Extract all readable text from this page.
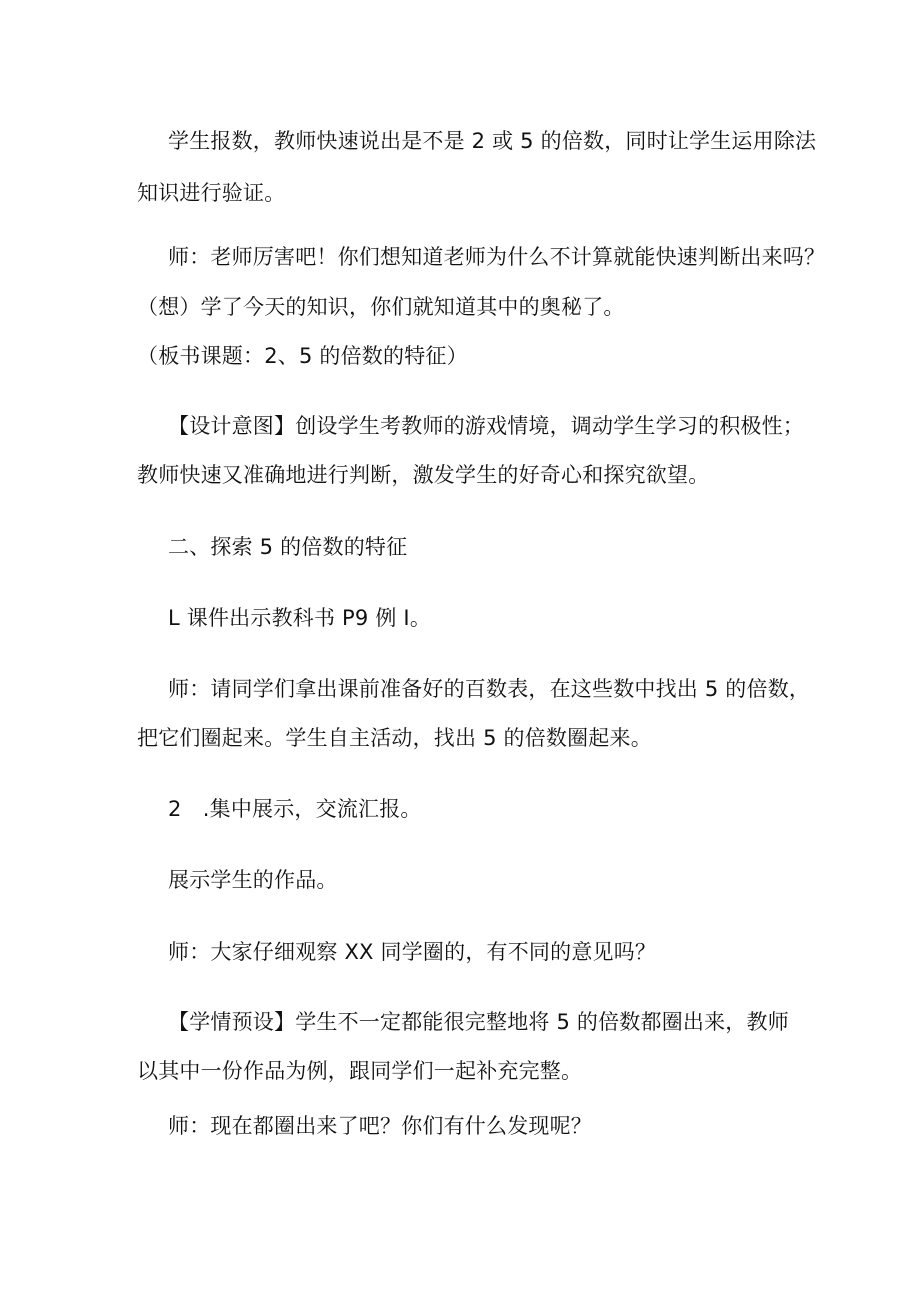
学生报数，教师快速说出是不是 2 或 5 的倍数，同时让学生运用除法
知识进行验证。
师：老师厉害吧！你们想知道老师为什么不计算就能快速判断出来吗？
（想）学了今天的知识，你们就知道其中的奥秘了。
（板书课题：2、5 的倍数的特征）
【设计意图】创设学生考教师的游戏情境，调动学生学习的积极性；
教师快速又准确地进行判断，激发学生的好奇心和探究欲望。
二、探索 5 的倍数的特征
L 课件出示教科书 P9 例 I。
师：请同学们拿出课前准备好的百数表，在这些数中找出 5 的倍数，
把它们圈起来。学生自主活动，找出 5 的倍数圈起来。
2　.集中展示，交流汇报。
展示学生的作品。
师：大家仔细观察 XX 同学圈的，有不同的意见吗？
【学情预设】学生不一定都能很完整地将 5 的倍数都圈出来，教师
以其中一份作品为例，跟同学们一起补充完整。
师：现在都圈出来了吧？你们有什么发现呢？
